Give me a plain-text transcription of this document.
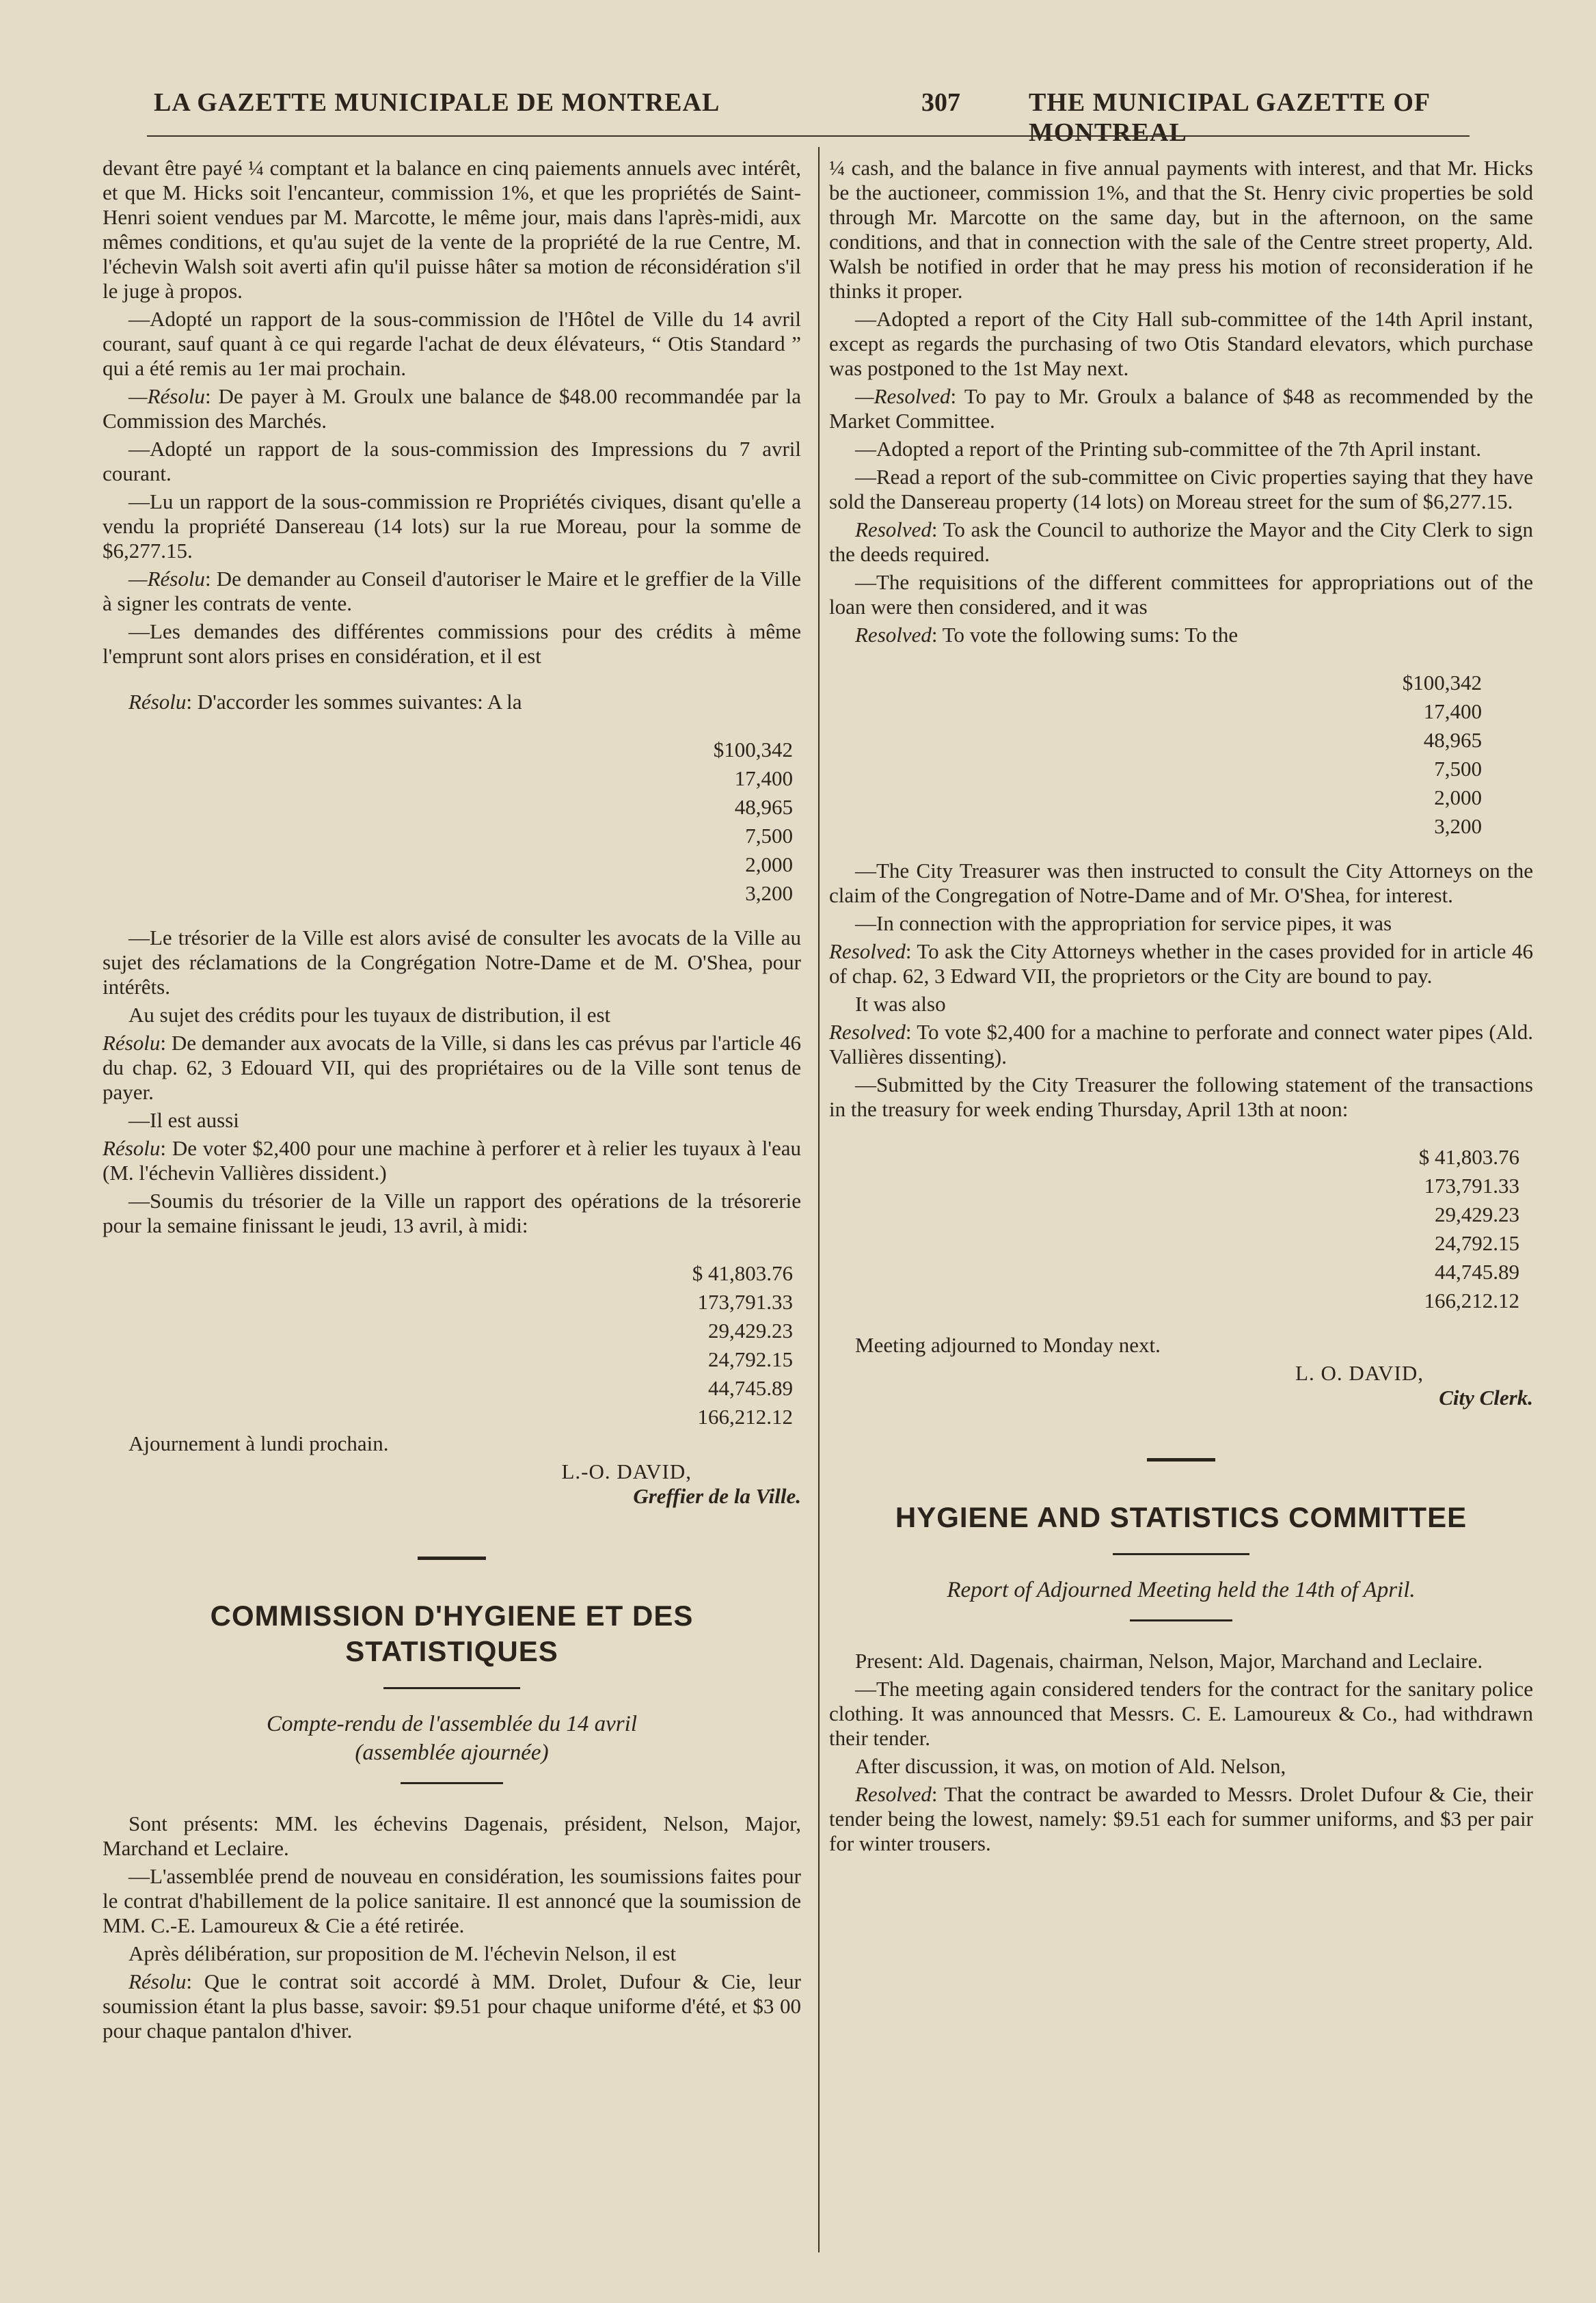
LA GAZETTE MUNICIPALE DE MONTREAL	307	THE MUNICIPAL GAZETTE OF MONTREAL

devant être payé ¼ comptant et la balance en cinq paiements annuels avec intérêt, et que M. Hicks soit l'encanteur, commission 1%, et que les propriétés de Saint-Henri soient vendues par M. Marcotte, le même jour, mais dans l'après-midi, aux mêmes conditions, et qu'au sujet de la vente de la propriété de la rue Centre, M. l'échevin Walsh soit averti afin qu'il puisse hâter sa motion de réconsidération s'il le juge à propos.

—Adopté un rapport de la sous-commission de l'Hôtel de Ville du 14 avril courant, sauf quant à ce qui regarde l'achat de deux élévateurs, “ Otis Standard ” qui a été remis au 1er mai prochain.

—Résolu: De payer à M. Groulx une balance de $48.00 recommandée par la Commission des Marchés.

—Adopté un rapport de la sous-commission des Impressions du 7 avril courant.

—Lu un rapport de la sous-commission re Propriétés civiques, disant qu'elle a vendu la propriété Dansereau (14 lots) sur la rue Moreau, pour la somme de $6,277.15.

—Résolu: De demander au Conseil d'autoriser le Maire et le greffier de la Ville à signer les contrats de vente.

—Les demandes des différentes commissions pour des crédits à même l'emprunt sont alors prises en considération, et il est

Résolu: D'accorder les sommes suivantes: A la

	$100,342
	17,400
	48,965
	7,500
	2,000
	3,200

—Le trésorier de la Ville est alors avisé de consulter les avocats de la Ville au sujet des réclamations de la Congrégation Notre-Dame et de M. O'Shea, pour intérêts.

Au sujet des crédits pour les tuyaux de distribution, il est

Résolu: De demander aux avocats de la Ville, si dans les cas prévus par l'article 46 du chap. 62, 3 Edouard VII, qui des propriétaires ou de la Ville sont tenus de payer.

—Il est aussi

Résolu: De voter $2,400 pour une machine à perforer et à relier les tuyaux à l'eau (M. l'échevin Vallières dissident.)

—Soumis du trésorier de la Ville un rapport des opérations de la trésorerie pour la semaine finissant le jeudi, 13 avril, à midi:

	$ 41,803.76
	173,791.33
	29,429.23
	24,792.15
	44,745.89
	166,212.12

Ajournement à lundi prochain.

L.-O. DAVID,
Greffier de la Ville.
COMMISSION D'HYGIENE ET DES STATISTIQUES
Compte-rendu de l'assemblée du 14 avril
(assemblée ajournée)

Sont présents: MM. les échevins Dagenais, président, Nelson, Major, Marchand et Leclaire.

—L'assemblée prend de nouveau en considération, les soumissions faites pour le contrat d'habillement de la police sanitaire. Il est annoncé que la soumission de MM. C.-E. Lamoureux & Cie a été retirée.

Après délibération, sur proposition de M. l'échevin Nelson, il est

Résolu: Que le contrat soit accordé à MM. Drolet, Dufour & Cie, leur soumission étant la plus basse, savoir: $9.51 pour chaque uniforme d'été, et $3 00 pour chaque pantalon d'hiver.

¼ cash, and the balance in five annual payments with interest, and that Mr. Hicks be the auctioneer, commission 1%, and that the St. Henry civic properties be sold through Mr. Marcotte on the same day, but in the afternoon, on the same conditions, and that in connection with the sale of the Centre street property, Ald. Walsh be notified in order that he may press his motion of reconsideration if he thinks it proper.

—Adopted a report of the City Hall sub-committee of the 14th April instant, except as regards the purchasing of two Otis Standard elevators, which purchase was postponed to the 1st May next.

—Resolved: To pay to Mr. Groulx a balance of $48 as recommended by the Market Committee.

—Adopted a report of the Printing sub-committee of the 7th April instant.

—Read a report of the sub-committee on Civic properties saying that they have sold the Dansereau property (14 lots) on Moreau street for the sum of $6,277.15.

Resolved: To ask the Council to authorize the Mayor and the City Clerk to sign the deeds required.

—The requisitions of the different committees for appropriations out of the loan were then considered, and it was

Resolved: To vote the following sums: To the

	$100,342
	17,400
	48,965
	7,500
	2,000
	3,200

—The City Treasurer was then instructed to consult the City Attorneys on the claim of the Congregation of Notre-Dame and of Mr. O'Shea, for interest.

—In connection with the appropriation for service pipes, it was

Resolved: To ask the City Attorneys whether in the cases provided for in article 46 of chap. 62, 3 Edward VII, the proprietors or the City are bound to pay.

It was also

Resolved: To vote $2,400 for a machine to perforate and connect water pipes (Ald. Vallières dissenting).

—Submitted by the City Treasurer the following statement of the transactions in the treasury for week ending Thursday, April 13th at noon:

	$ 41,803.76
	173,791.33
	29,429.23
	24,792.15
	44,745.89
	166,212.12

Meeting adjourned to Monday next.

L. O. DAVID,
City Clerk.
HYGIENE AND STATISTICS COMMITTEE
Report of Adjourned Meeting held the 14th of April.

Present: Ald. Dagenais, chairman, Nelson, Major, Marchand and Leclaire.

—The meeting again considered tenders for the contract for the sanitary police clothing. It was announced that Messrs. C. E. Lamoureux & Co., had withdrawn their tender.

After discussion, it was, on motion of Ald. Nelson,

Resolved: That the contract be awarded to Messrs. Drolet Dufour & Cie, their tender being the lowest, namely: $9.51 each for summer uniforms, and $3 per pair for winter trousers.
